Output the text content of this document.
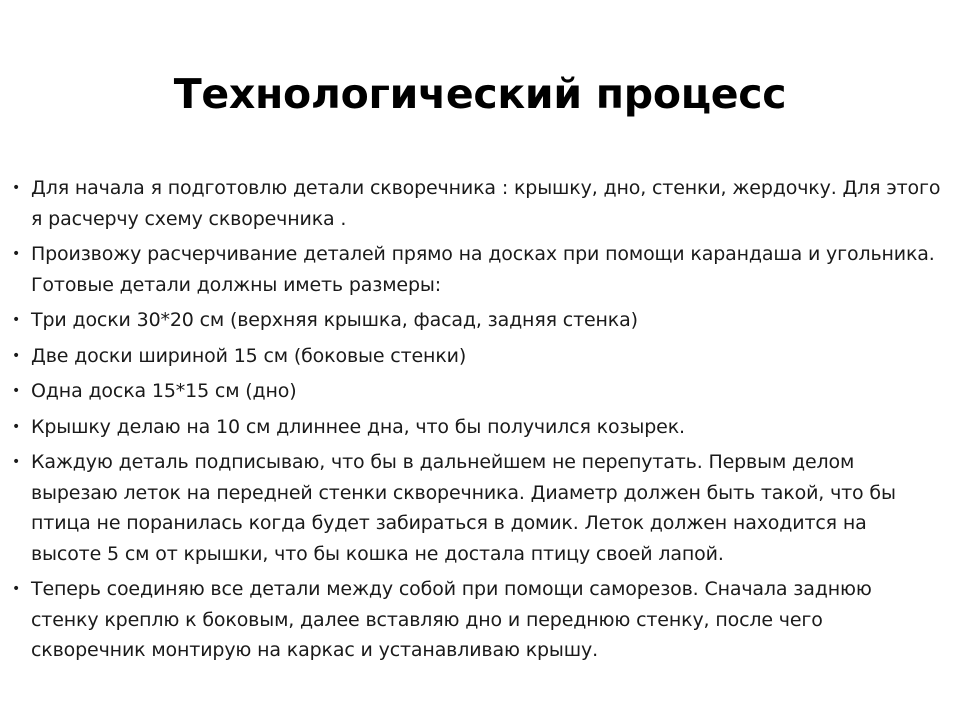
Технологический процесс
• Для начала я подготовлю детали скворечника : крышку, дно, стенки, жердочку. Для этого я расчерчу схему скворечника .
• Произвожу расчерчивание деталей прямо на досках при помощи карандаша и угольника. Готовые детали должны иметь размеры:
• Три доски 30*20 см (верхняя крышка, фасад, задняя стенка)
• Две доски шириной 15 см (боковые стенки)
• Одна доска 15*15 см (дно)
• Крышку делаю на 10 см длиннее дна, что бы получился козырек.
• Каждую деталь подписываю, что бы в дальнейшем не перепутать. Первым делом вырезаю леток на передней стенки скворечника. Диаметр должен быть такой, что бы птица не поранилась когда будет забираться в домик. Леток должен находится на высоте 5 см от крышки, что бы кошка не достала птицу своей лапой.
• Теперь соединяю все детали между собой при помощи саморезов. Сначала заднюю стенку креплю к боковым, далее вставляю дно и переднюю стенку, после чего скворечник монтирую на каркас и устанавливаю крышу.
